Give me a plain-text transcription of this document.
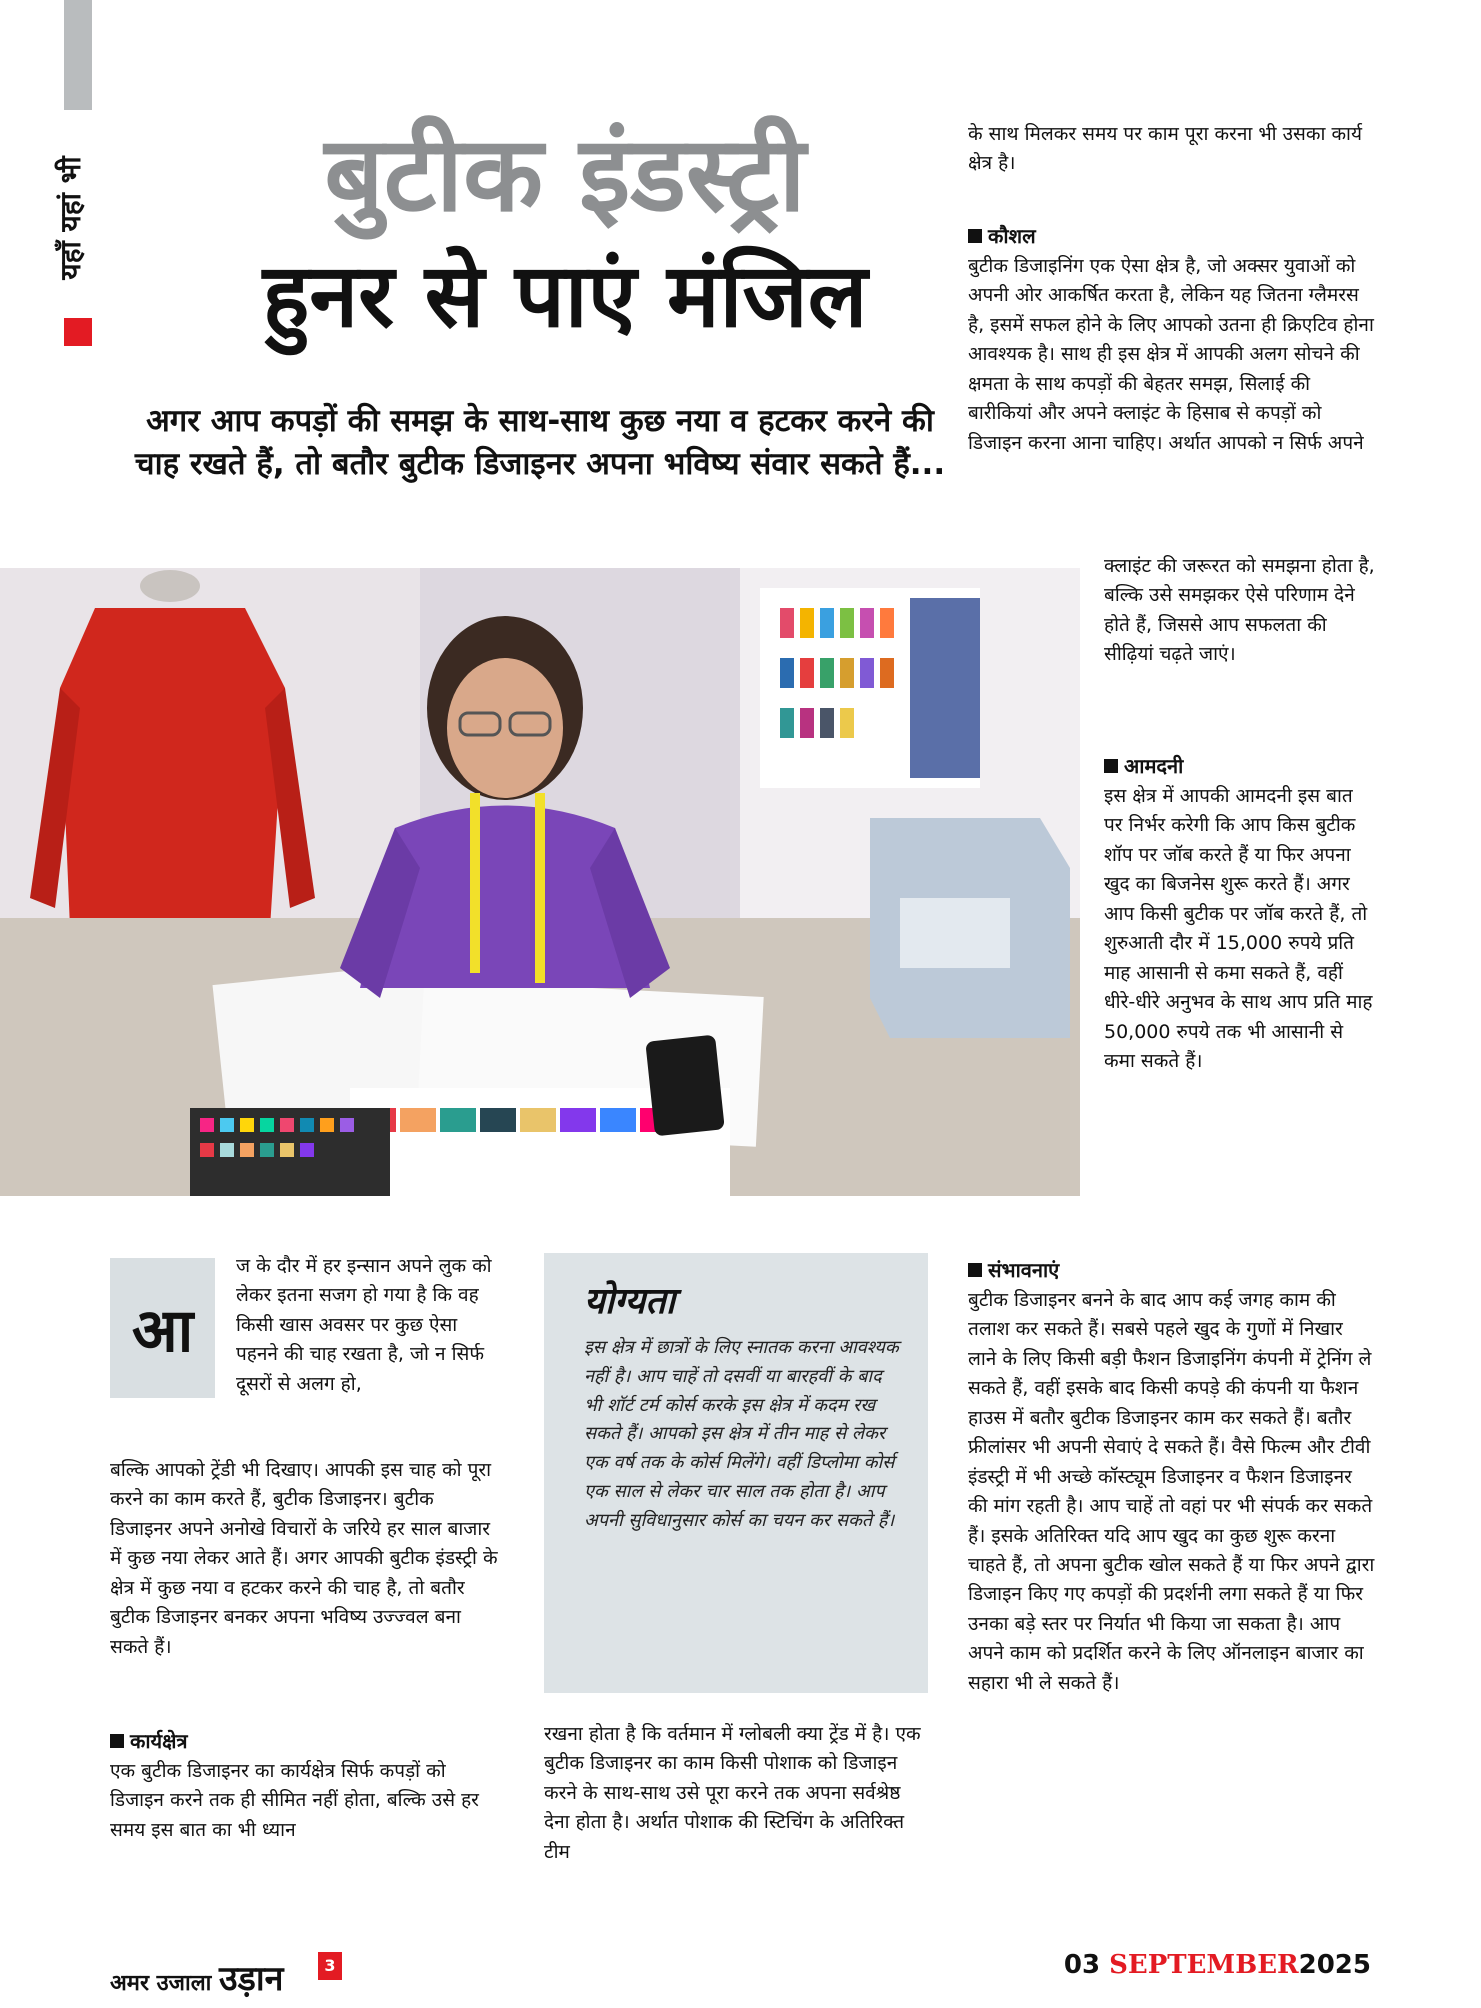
यहाँ यहां भी	बुटीक इंडस्ट्री
हुनर से पाएं मंजिल
अगर आप कपड़ों की समझ के साथ-साथ कुछ नया व हटकर करने की चाह रखते हैं, तो बतौर बुटीक डिजाइनर अपना भविष्य संवार सकते हैं...
के साथ मिलकर समय पर काम पूरा करना भी उसका कार्य क्षेत्र है।
कौशल
बुटीक डिजाइनिंग एक ऐसा क्षेत्र है, जो अक्सर युवाओं को अपनी ओर आकर्षित करता है, लेकिन यह जितना ग्लैमरस है, इसमें सफल होने के लिए आपको उतना ही क्रिएटिव होना आवश्यक है। साथ ही इस क्षेत्र में आपकी अलग सोचने की क्षमता के साथ कपड़ों की बेहतर समझ, सिलाई की बारीकियां और अपने क्लाइंट के हिसाब से कपड़ों को डिजाइन करना आना चाहिए। अर्थात आपको न सिर्फ अपने
क्लाइंट की जरूरत को समझना होता है, बल्कि उसे समझकर ऐसे परिणाम देने होते हैं, जिससे आप सफलता की सीढ़ियां चढ़ते जाएं।
आमदनी
इस क्षेत्र में आपकी आमदनी इस बात पर निर्भर करेगी कि आप किस बुटीक शॉप पर जॉब करते हैं या फिर अपना खुद का बिजनेस शुरू करते हैं। अगर आप किसी बुटीक पर जॉब करते हैं, तो शुरुआती दौर में 15,000 रुपये प्रति माह आसानी से कमा सकते हैं, वहीं धीरे-धीरे अनुभव के साथ आप प्रति माह 50,000 रुपये तक भी आसानी से कमा सकते हैं।
आ
ज के दौर में हर इन्सान अपने लुक को लेकर इतना सजग हो गया है कि वह किसी खास अवसर पर कुछ ऐसा पहनने की चाह रखता है, जो न सिर्फ दूसरों से अलग हो,
बल्कि आपको ट्रेंडी भी दिखाए। आपकी इस चाह को पूरा करने का काम करते हैं, बुटीक डिजाइनर। बुटीक डिजाइनर अपने अनोखे विचारों के जरिये हर साल बाजार में कुछ नया लेकर आते हैं। अगर आपकी बुटीक इंडस्ट्री के क्षेत्र में कुछ नया व हटकर करने की चाह है, तो बतौर बुटीक डिजाइनर बनकर अपना भविष्य उज्ज्वल बना सकते हैं।
कार्यक्षेत्र
एक बुटीक डिजाइनर का कार्यक्षेत्र सिर्फ कपड़ों को डिजाइन करने तक ही सीमित नहीं होता, बल्कि उसे हर समय इस बात का भी ध्यान
योग्यता
इस क्षेत्र में छात्रों के लिए स्नातक करना आवश्यक नहीं है। आप चाहें तो दसवीं या बारहवीं के बाद भी शॉर्ट टर्म कोर्स करके इस क्षेत्र में कदम रख सकते हैं। आपको इस क्षेत्र में तीन माह से लेकर एक वर्ष तक के कोर्स मिलेंगे। वहीं डिप्लोमा कोर्स एक साल से लेकर चार साल तक होता है। आप अपनी सुविधानुसार कोर्स का चयन कर सकते हैं।
रखना होता है कि वर्तमान में ग्लोबली क्या ट्रेंड में है। एक बुटीक डिजाइनर का काम किसी पोशाक को डिजाइन करने के साथ-साथ उसे पूरा करने तक अपना सर्वश्रेष्ठ देना होता है। अर्थात पोशाक की स्टिचिंग के अतिरिक्त टीम
संभावनाएं
बुटीक डिजाइनर बनने के बाद आप कई जगह काम की तलाश कर सकते हैं। सबसे पहले खुद के गुणों में निखार लाने के लिए किसी बड़ी फैशन डिजाइनिंग कंपनी में ट्रेनिंग ले सकते हैं, वहीं इसके बाद किसी कपड़े की कंपनी या फैशन हाउस में बतौर बुटीक डिजाइनर काम कर सकते हैं। बतौर फ्रीलांसर भी अपनी सेवाएं दे सकते हैं। वैसे फिल्म और टीवी इंडस्ट्री में भी अच्छे कॉस्ट्यूम डिजाइनर व फैशन डिजाइनर की मांग रहती है। आप चाहें तो वहां पर भी संपर्क कर सकते हैं। इसके अतिरिक्त यदि आप खुद का कुछ शुरू करना चाहते हैं, तो अपना बुटीक खोल सकते हैं या फिर अपने द्वारा डिजाइन किए गए कपड़ों की प्रदर्शनी लगा सकते हैं या फिर उनका बड़े स्तर पर निर्यात भी किया जा सकता है। आप अपने काम को प्रदर्शित करने के लिए ऑनलाइन बाजार का सहारा भी ले सकते हैं।
अमर उजाला उड़ान	3	03 SEPTEMBER2025
